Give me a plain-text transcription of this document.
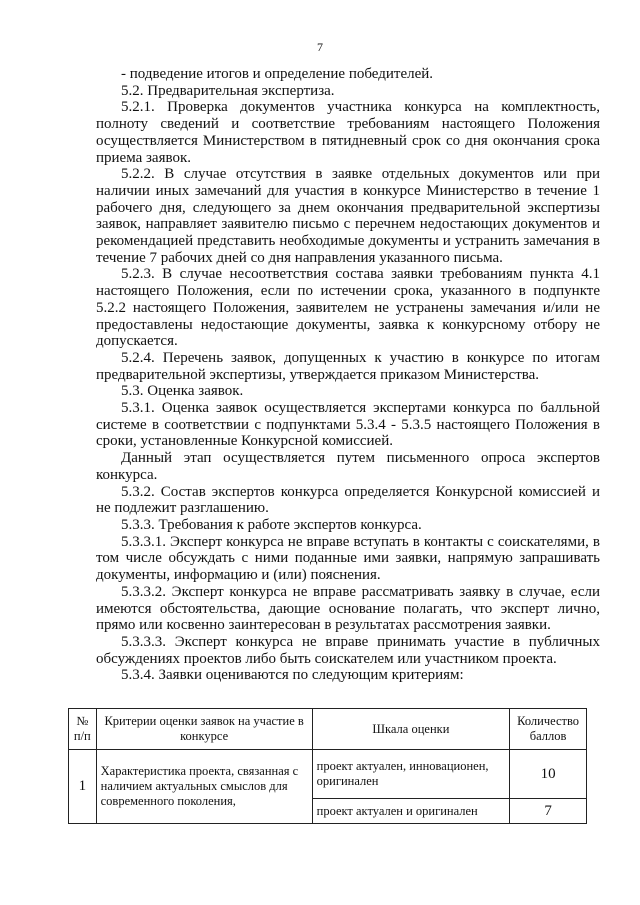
7

- подведение итогов и определение победителей.

5.2. Предварительная экспертиза.

5.2.1. Проверка документов участника конкурса на комплектность, полноту сведений и соответствие требованиям настоящего Положения осуществляется Министерством в пятидневный срок со дня окончания срока приема заявок.

5.2.2. В случае отсутствия в заявке отдельных документов или при наличии иных замечаний для участия в конкурсе Министерство в течение 1 рабочего дня, следующего за днем окончания предварительной экспертизы заявок, направляет заявителю письмо с перечнем недостающих документов и рекомендацией представить необходимые документы и устранить замечания в течение 7 рабочих дней со дня направления указанного письма.

5.2.3. В случае несоответствия состава заявки требованиям пункта 4.1 настоящего Положения, если по истечении срока, указанного в подпункте 5.2.2 настоящего Положения, заявителем не устранены замечания и/или не предоставлены недостающие документы, заявка к конкурсному отбору не допускается.

5.2.4. Перечень заявок, допущенных к участию в конкурсе по итогам предварительной экспертизы, утверждается приказом Министерства.

5.3. Оценка заявок.

5.3.1. Оценка заявок осуществляется экспертами конкурса по балльной системе в соответствии с подпунктами 5.3.4 - 5.3.5 настоящего Положения в сроки, установленные Конкурсной комиссией.

Данный этап осуществляется путем письменного опроса экспертов конкурса.

5.3.2. Состав экспертов конкурса определяется Конкурсной комиссией и не подлежит разглашению.

5.3.3. Требования к работе экспертов конкурса.

5.3.3.1. Эксперт конкурса не вправе вступать в контакты с соискателями, в том числе обсуждать с ними поданные ими заявки, напрямую запрашивать документы, информацию и (или) пояснения.

5.3.3.2. Эксперт конкурса не вправе рассматривать заявку в случае, если имеются обстоятельства, дающие основание полагать, что эксперт лично, прямо или косвенно заинтересован в результатах рассмотрения заявки.

5.3.3.3. Эксперт конкурса не вправе принимать участие в публичных обсуждениях проектов либо быть соискателем или участником проекта.

5.3.4. Заявки оцениваются по следующим критериям:

№ п/п	Критерии оценки заявок на участие в конкурсе	Шкала оценки	Количество баллов
1	Характеристика проекта, связанная с наличием актуальных смыслов для современного поколения,	проект актуален, инновационен, оригинален	10
		проект актуален и оригинален	7
